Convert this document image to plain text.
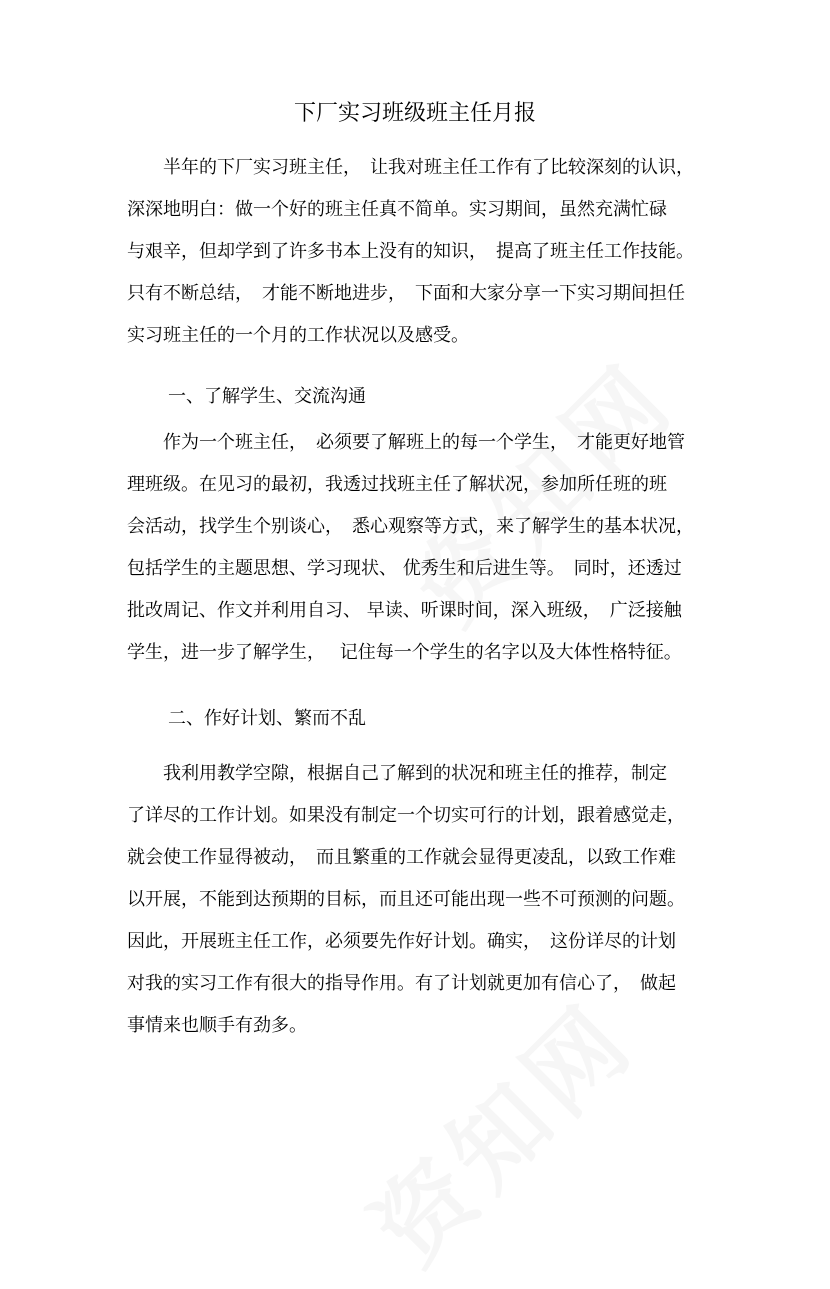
下厂实习班级班主任月报
　　半年的下厂实习班主任，　让我对班主任工作有了比较深刻的认识，
深深地明白：做一个好的班主任真不简单。实习期间，虽然充满忙碌
与艰辛，但却学到了许多书本上没有的知识，　提高了班主任工作技能。
只有不断总结，　才能不断地进步，　下面和大家分享一下实习期间担任
实习班主任的一个月的工作状况以及感受。
一、了解学生、交流沟通
　　作为一个班主任，　必须要了解班上的每一个学生，　才能更好地管
理班级。在见习的最初，我透过找班主任了解状况，参加所任班的班
会活动，找学生个别谈心，　悉心观察等方式，来了解学生的基本状况，
包括学生的主题思想、学习现状、 优秀生和后进生等。　同时，还透过
批改周记、作文并利用自习、 早读、听课时间，深入班级，　广泛接触
学生，进一步了解学生，　 记住每一个学生的名字以及大体性格特征。
二、作好计划、繁而不乱
　　我利用教学空隙，根据自己了解到的状况和班主任的推荐，制定
了详尽的工作计划。如果没有制定一个切实可行的计划，跟着感觉走，
就会使工作显得被动，　而且繁重的工作就会显得更凌乱，以致工作难
以开展，不能到达预期的目标，而且还可能出现一些不可预测的问题。
因此，开展班主任工作，必须要先作好计划。确实，　这份详尽的计划
对我的实习工作有很大的指导作用。有了计划就更加有信心了，　做起
事情来也顺手有劲多。
